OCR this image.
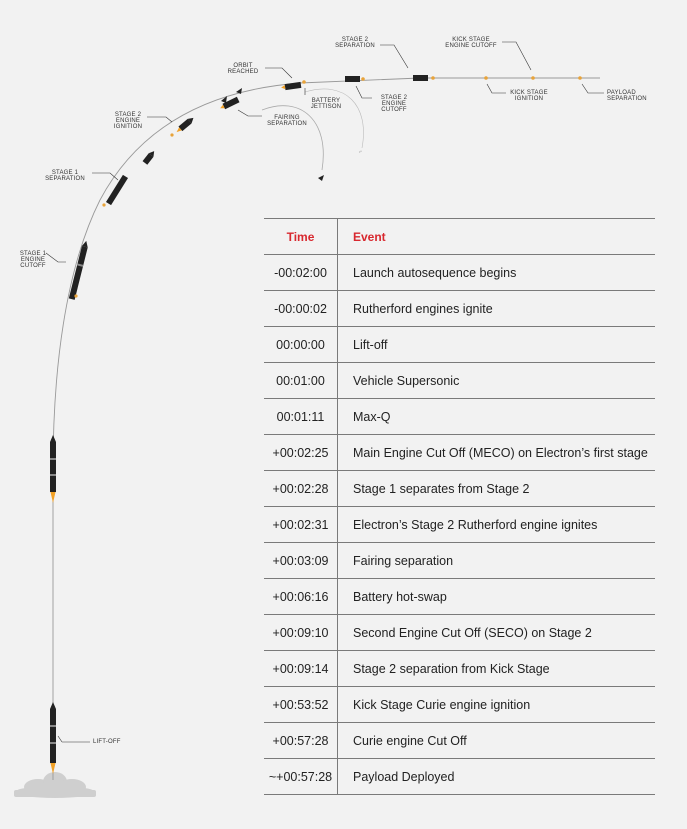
•ᵘ
LIFT-OFF
STAGE 1
ENGINE
CUTOFF
STAGE 1
SEPARATION
STAGE 2
ENGINE
IGNITION
ORBIT
REACHED
FAIRING
SEPARATION
BATTERY
JETTISON
STAGE 2
SEPARATION
STAGE 2
ENGINE
CUTOFF
KICK STAGE
ENGINE CUTOFF
KICK STAGE
IGNITION
PAYLOAD
SEPARATION
Time	Event
-00:02:00	Launch autosequence begins
-00:00:02	Rutherford engines ignite
00:00:00	Lift-off
00:01:00	Vehicle Supersonic
00:01:11	Max-Q
+00:02:25	Main Engine Cut Off (MECO) on Electron’s first stage
+00:02:28	Stage 1 separates from Stage 2
+00:02:31	Electron’s Stage 2 Rutherford engine ignites
+00:03:09	Fairing separation
+00:06:16	Battery hot-swap
+00:09:10	Second Engine Cut Off (SECO) on Stage 2
+00:09:14	Stage 2 separation from Kick Stage
+00:53:52	Kick Stage Curie engine ignition
+00:57:28	Curie engine Cut Off
~+00:57:28	Payload Deployed
